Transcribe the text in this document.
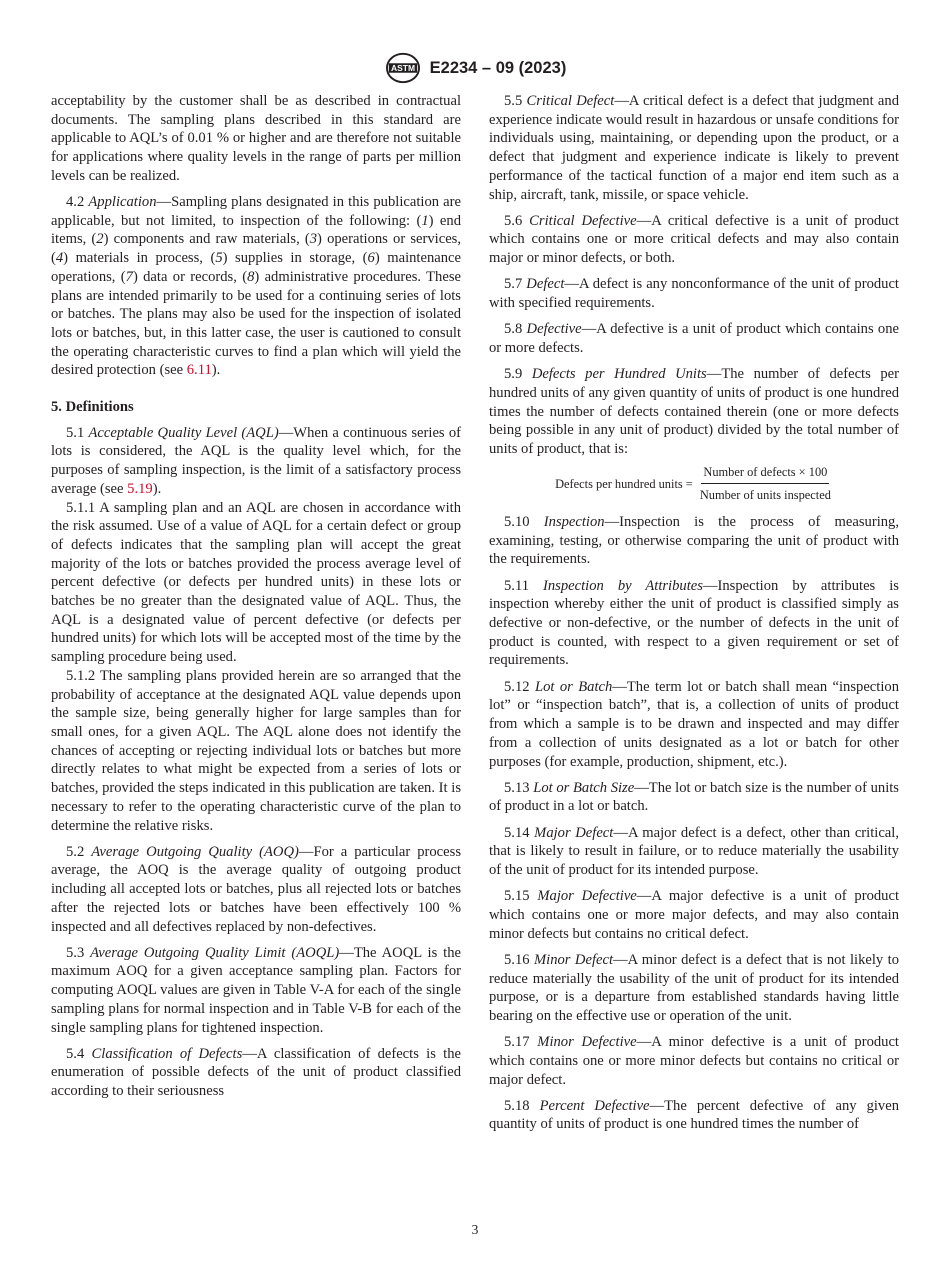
ASTM E2234 – 09 (2023)

acceptability by the customer shall be as described in contractual documents. The sampling plans described in this standard are applicable to AQL’s of 0.01 % or higher and are therefore not suitable for applications where quality levels in the range of parts per million levels can be realized.

4.2 Application—Sampling plans designated in this publication are applicable, but not limited, to inspection of the following: (1) end items, (2) components and raw materials, (3) operations or services, (4) materials in process, (5) supplies in storage, (6) maintenance operations, (7) data or records, (8) administrative procedures. These plans are intended primarily to be used for a continuing series of lots or batches. The plans may also be used for the inspection of isolated lots or batches, but, in this latter case, the user is cautioned to consult the operating characteristic curves to find a plan which will yield the desired protection (see 6.11).

5. Definitions

5.1 Acceptable Quality Level (AQL)—When a continuous series of lots is considered, the AQL is the quality level which, for the purposes of sampling inspection, is the limit of a satisfactory process average (see 5.19).

5.1.1 A sampling plan and an AQL are chosen in accordance with the risk assumed. Use of a value of AQL for a certain defect or group of defects indicates that the sampling plan will accept the great majority of the lots or batches provided the process average level of percent defective (or defects per hundred units) in these lots or batches be no greater than the designated value of AQL. Thus, the AQL is a designated value of percent defective (or defects per hundred units) for which lots will be accepted most of the time by the sampling procedure being used.

5.1.2 The sampling plans provided herein are so arranged that the probability of acceptance at the designated AQL value depends upon the sample size, being generally higher for large samples than for small ones, for a given AQL. The AQL alone does not identify the chances of accepting or rejecting individual lots or batches but more directly relates to what might be expected from a series of lots or batches, provided the steps indicated in this publication are taken. It is necessary to refer to the operating characteristic curve of the plan to determine the relative risks.

5.2 Average Outgoing Quality (AOQ)—For a particular process average, the AOQ is the average quality of outgoing product including all accepted lots or batches, plus all rejected lots or batches after the rejected lots or batches have been effectively 100 % inspected and all defectives replaced by non-defectives.

5.3 Average Outgoing Quality Limit (AOQL)—The AOQL is the maximum AOQ for a given acceptance sampling plan. Factors for computing AOQL values are given in Table V-A for each of the single sampling plans for normal inspection and in Table V-B for each of the single sampling plans for tightened inspection.

5.4 Classification of Defects—A classification of defects is the enumeration of possible defects of the unit of product classified according to their seriousness

5.5 Critical Defect—A critical defect is a defect that judgment and experience indicate would result in hazardous or unsafe conditions for individuals using, maintaining, or depending upon the product, or a defect that judgment and experience indicate is likely to prevent performance of the tactical function of a major end item such as a ship, aircraft, tank, missile, or space vehicle.

5.6 Critical Defective—A critical defective is a unit of product which contains one or more critical defects and may also contain major or minor defects, or both.

5.7 Defect—A defect is any nonconformance of the unit of product with specified requirements.

5.8 Defective—A defective is a unit of product which contains one or more defects.

5.9 Defects per Hundred Units—The number of defects per hundred units of any given quantity of units of product is one hundred times the number of defects contained therein (one or more defects being possible in any unit of product) divided by the total number of units of product, that is:

Defects per hundred units = $\frac{\text{Number of defects × 100}}{\text{Number of units inspected}}$

5.10 Inspection—Inspection is the process of measuring, examining, testing, or otherwise comparing the unit of product with the requirements.

5.11 Inspection by Attributes—Inspection by attributes is inspection whereby either the unit of product is classified simply as defective or non-defective, or the number of defects in the unit of product is counted, with respect to a given requirement or set of requirements.

5.12 Lot or Batch—The term lot or batch shall mean “inspection lot” or “inspection batch”, that is, a collection of units of product from which a sample is to be drawn and inspected and may differ from a collection of units designated as a lot or batch for other purposes (for example, production, shipment, etc.).

5.13 Lot or Batch Size—The lot or batch size is the number of units of product in a lot or batch.

5.14 Major Defect—A major defect is a defect, other than critical, that is likely to result in failure, or to reduce materially the usability of the unit of product for its intended purpose.

5.15 Major Defective—A major defective is a unit of product which contains one or more major defects, and may also contain minor defects but contains no critical defect.

5.16 Minor Defect—A minor defect is a defect that is not likely to reduce materially the usability of the unit of product for its intended purpose, or is a departure from established standards having little bearing on the effective use or operation of the unit.

5.17 Minor Defective—A minor defective is a unit of product which contains one or more minor defects but contains no critical or major defect.

5.18 Percent Defective—The percent defective of any given quantity of units of product is one hundred times the number of

3
